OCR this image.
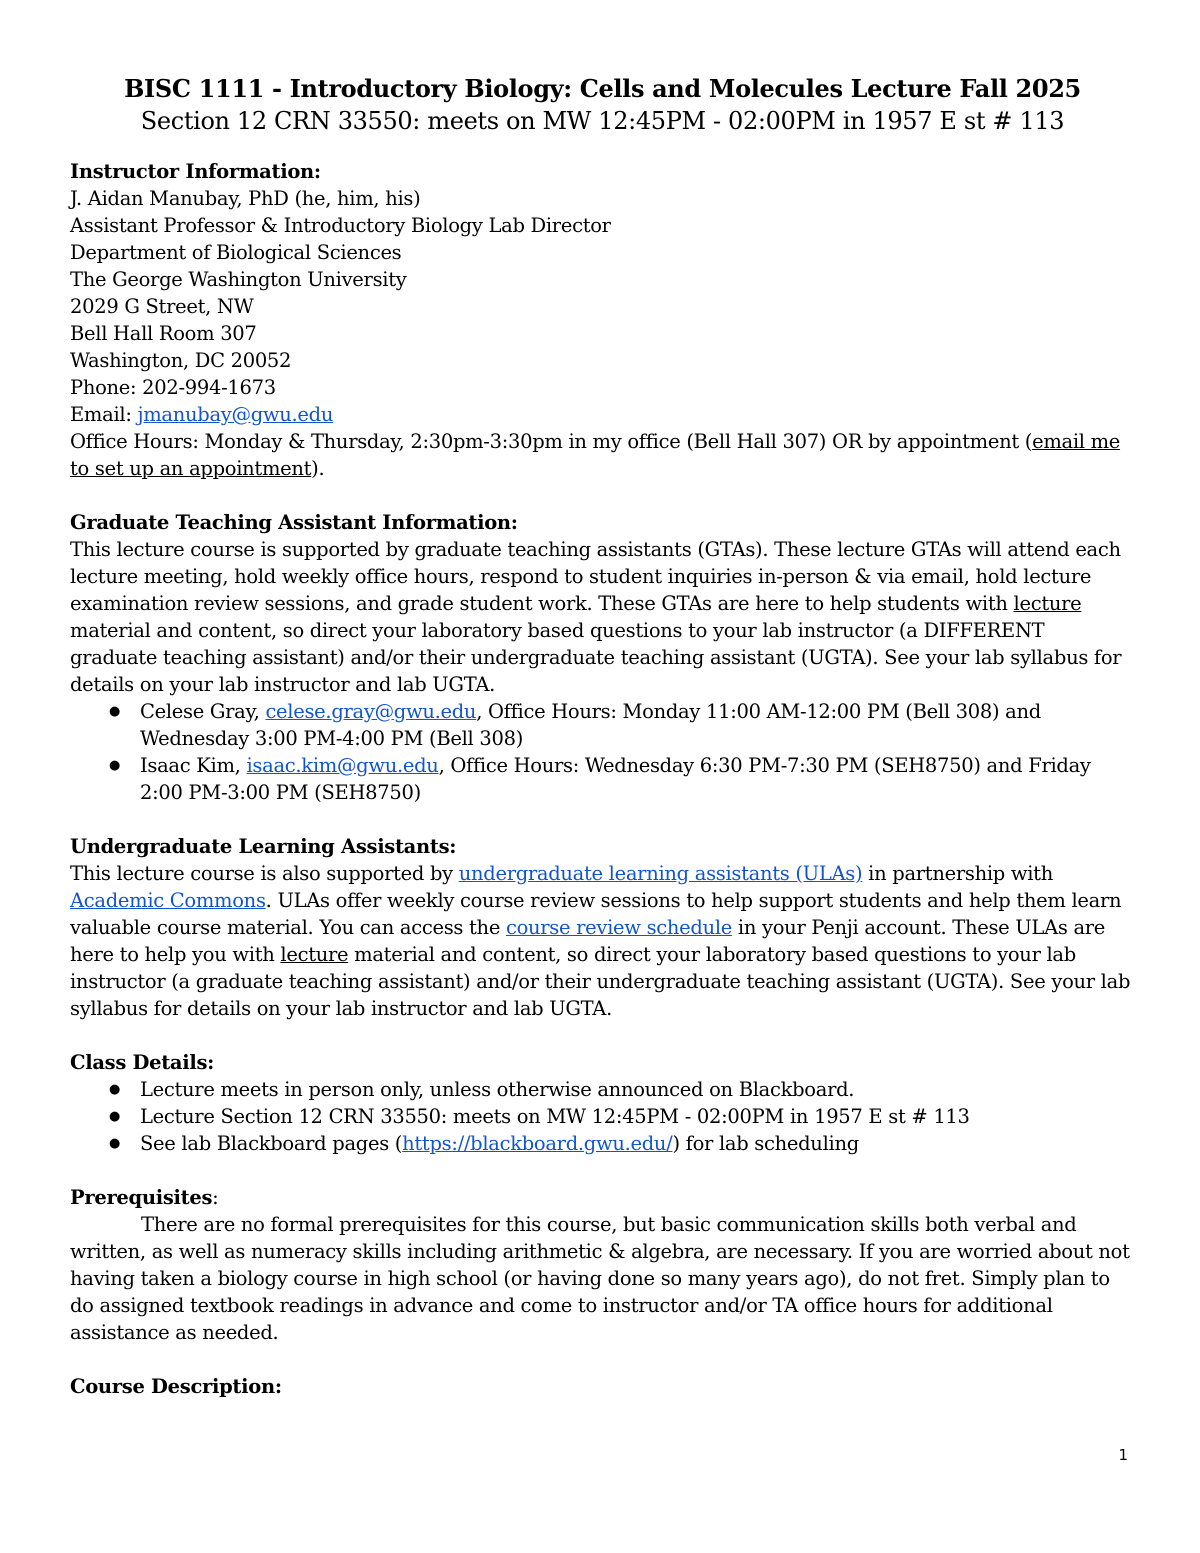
BISC 1111 - Introductory Biology: Cells and Molecules Lecture Fall 2025

Section 12 CRN 33550: meets on MW 12:45PM - 02:00PM in 1957 E st # 113

Instructor Information:

J. Aidan Manubay, PhD (he, him, his)

Assistant Professor & Introductory Biology Lab Director

Department of Biological Sciences

The George Washington University

2029 G Street, NW

Bell Hall Room 307

Washington, DC 20052

Phone: 202-994-1673

Email: jmanubay@gwu.edu

Office Hours: Monday & Thursday, 2:30pm-3:30pm in my office (Bell Hall 307) OR by appointment (email me to set up an appointment).

Graduate Teaching Assistant Information:

This lecture course is supported by graduate teaching assistants (GTAs). These lecture GTAs will attend each lecture meeting, hold weekly office hours, respond to student inquiries in-person & via email, hold lecture examination review sessions, and grade student work. These GTAs are here to help students with lecture material and content, so direct your laboratory based questions to your lab instructor (a DIFFERENT graduate teaching assistant) and/or their undergraduate teaching assistant (UGTA). See your lab syllabus for details on your lab instructor and lab UGTA.

● Celese Gray, celese.gray@gwu.edu, Office Hours: Monday 11:00 AM-12:00 PM (Bell 308) and Wednesday 3:00 PM-4:00 PM (Bell 308)
● Isaac Kim, isaac.kim@gwu.edu, Office Hours: Wednesday 6:30 PM-7:30 PM (SEH8750) and Friday 2:00 PM-3:00 PM (SEH8750)

Undergraduate Learning Assistants:

This lecture course is also supported by undergraduate learning assistants (ULAs) in partnership with Academic Commons. ULAs offer weekly course review sessions to help support students and help them learn valuable course material. You can access the course review schedule in your Penji account. These ULAs are here to help you with lecture material and content, so direct your laboratory based questions to your lab instructor (a graduate teaching assistant) and/or their undergraduate teaching assistant (UGTA). See your lab syllabus for details on your lab instructor and lab UGTA.

Class Details:

● Lecture meets in person only, unless otherwise announced on Blackboard.
● Lecture Section 12 CRN 33550: meets on MW 12:45PM - 02:00PM in 1957 E st # 113
● See lab Blackboard pages (https://blackboard.gwu.edu/) for lab scheduling

Prerequisites:

There are no formal prerequisites for this course, but basic communication skills both verbal and written, as well as numeracy skills including arithmetic & algebra, are necessary. If you are worried about not having taken a biology course in high school (or having done so many years ago), do not fret. Simply plan to do assigned textbook readings in advance and come to instructor and/or TA office hours for additional assistance as needed.

Course Description:

1
